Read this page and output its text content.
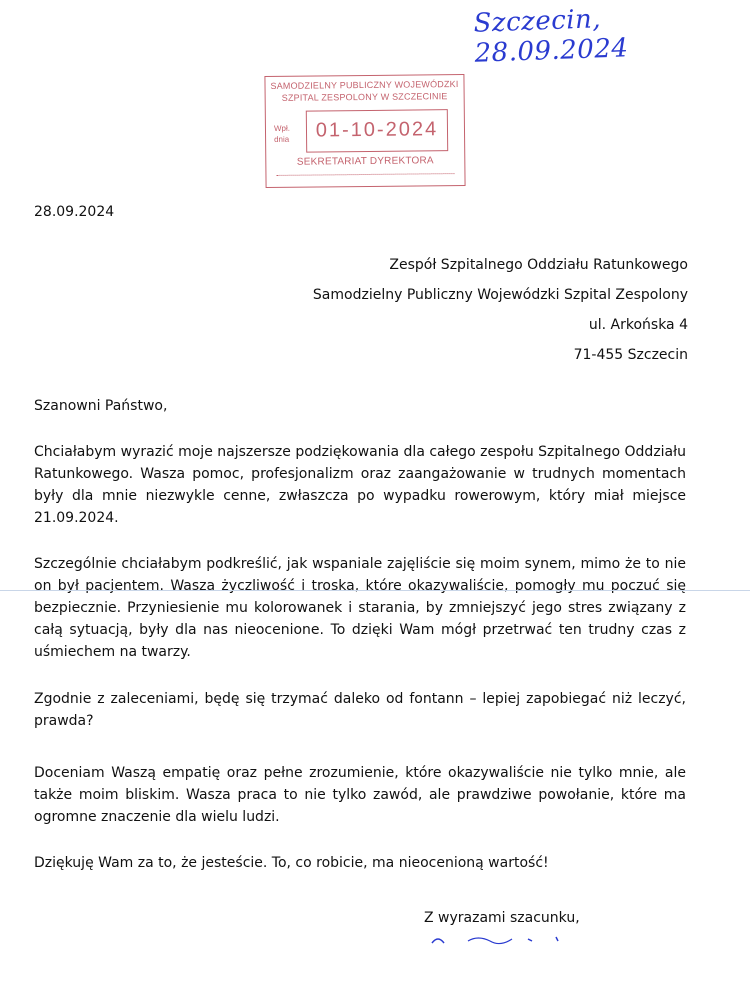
Szczecin, 28.09.2024
SAMODZIELNY PUBLICZNY WOJEWÓDZKI
SZPITAL ZESPOLONY W SZCZECINIE
Wpł.
dnia	01-10-2024
SEKRETARIAT DYREKTORA
28.09.2024
Zespół Szpitalnego Oddziału Ratunkowego
Samodzielny Publiczny Wojewódzki Szpital Zespolony
ul. Arkońska 4
71-455 Szczecin
Szanowni Państwo,

Chciałabym wyrazić moje najszersze podziękowania dla całego zespołu Szpitalnego Oddziału Ratunkowego. Wasza pomoc, profesjonalizm oraz zaangażowanie w trudnych momentach były dla mnie niezwykle cenne, zwłaszcza po wypadku rowerowym, który miał miejsce 21.09.2024.

Szczególnie chciałabym podkreślić, jak wspaniale zajęliście się moim synem, mimo że to nie on był pacjentem. Wasza życzliwość i troska, które okazywaliście, pomogły mu poczuć się bezpiecznie. Przyniesienie mu kolorowanek i starania, by zmniejszyć jego stres związany z całą sytuacją, były dla nas nieocenione. To dzięki Wam mógł przetrwać ten trudny czas z uśmiechem na twarzy.

Zgodnie z zaleceniami, będę się trzymać daleko od fontann – lepiej zapobiegać niż leczyć, prawda?

Doceniam Waszą empatię oraz pełne zrozumienie, które okazywaliście nie tylko mnie, ale także moim bliskim. Wasza praca to nie tylko zawód, ale prawdziwe powołanie, które ma ogromne znaczenie dla wielu ludzi.

Dziękuję Wam za to, że jesteście. To, co robicie, ma nieocenioną wartość!

Z wyrazami szacunku,
